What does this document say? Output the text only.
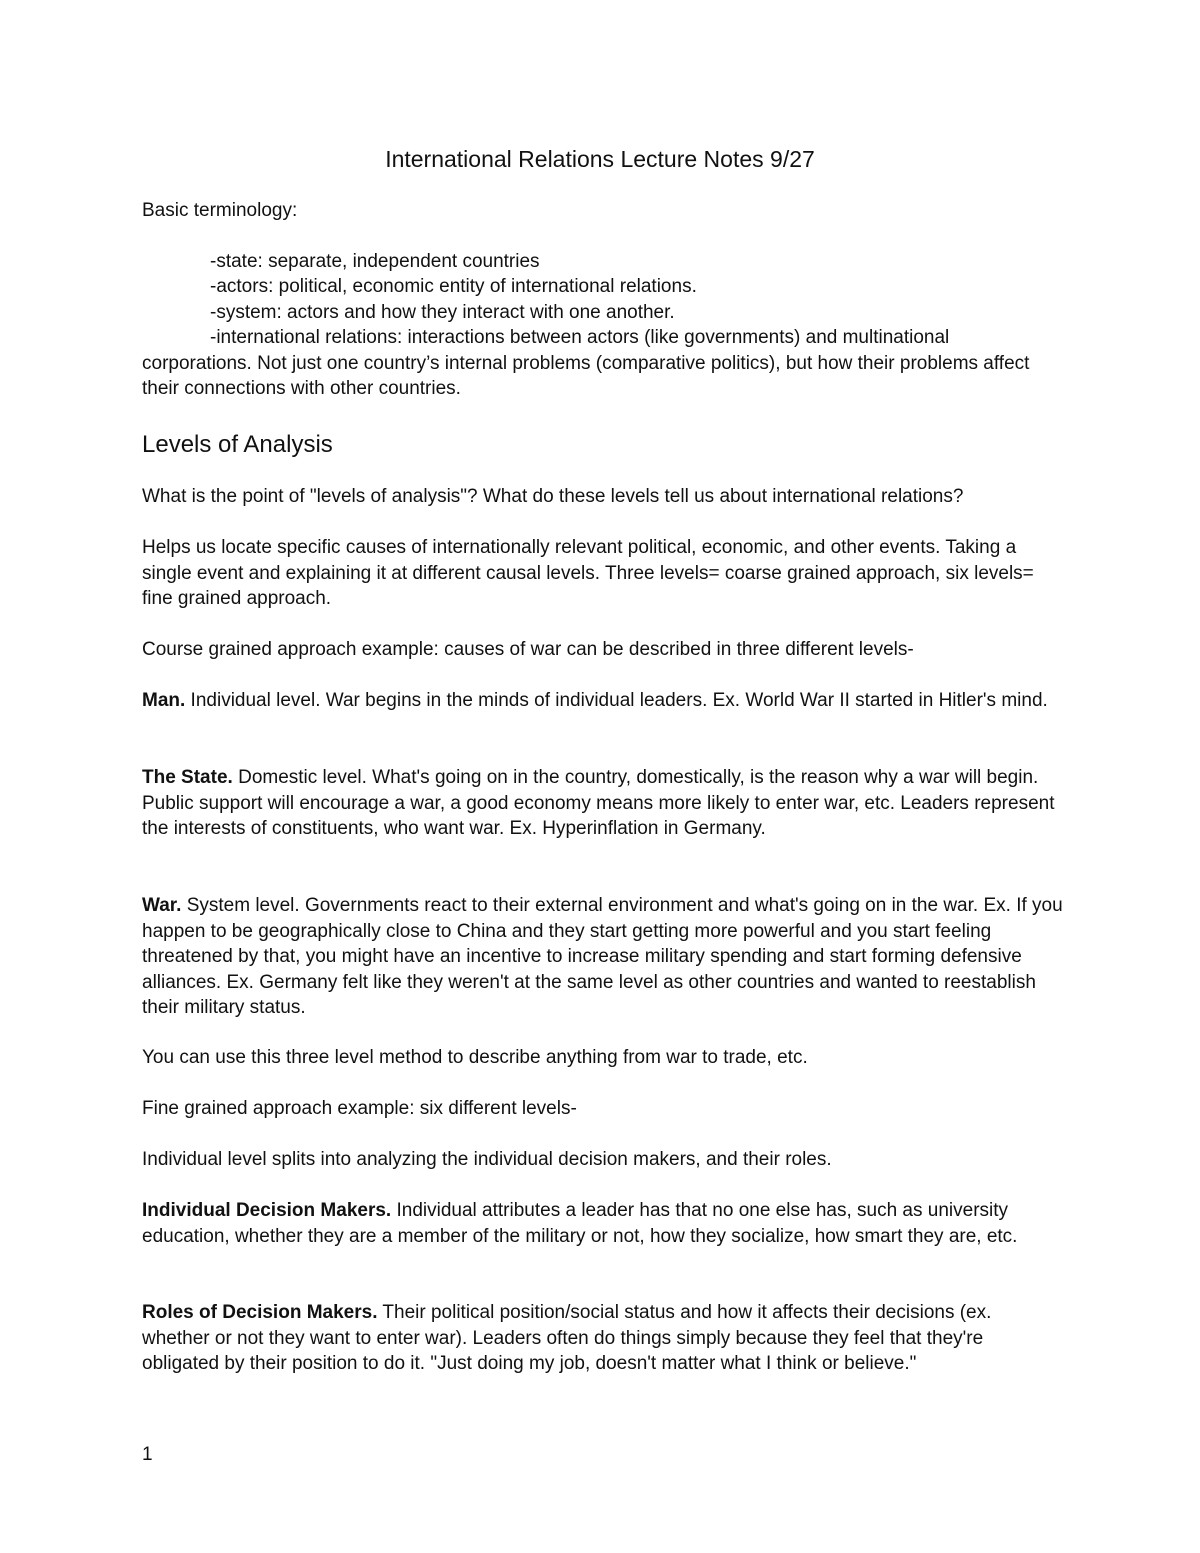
International Relations Lecture Notes 9/27

Basic terminology:

-state: separate, independent countries

-actors: political, economic entity of international relations.

-system: actors and how they interact with one another.

-international relations: interactions between actors (like governments) and multinational corporations. Not just one country’s internal problems (comparative politics), but how their problems affect their connections with other countries.

Levels of Analysis

What is the point of "levels of analysis"? What do these levels tell us about international relations?

Helps us locate specific causes of internationally relevant political, economic, and other events. Taking a single event and explaining it at different causal levels. Three levels= coarse grained approach, six levels= fine grained approach.

Course grained approach example: causes of war can be described in three different levels-

Man. Individual level. War begins in the minds of individual leaders. Ex. World War II started in Hitler's mind.

The State. Domestic level. What's going on in the country, domestically, is the reason why a war will begin. Public support will encourage a war, a good economy means more likely to enter war, etc. Leaders represent the interests of constituents, who want war. Ex. Hyperinflation in Germany.

War. System level. Governments react to their external environment and what's going on in the war. Ex. If you happen to be geographically close to China and they start getting more powerful and you start feeling threatened by that, you might have an incentive to increase military spending and start forming defensive alliances. Ex. Germany felt like they weren't at the same level as other countries and wanted to reestablish their military status.

You can use this three level method to describe anything from war to trade, etc.

Fine grained approach example: six different levels-

Individual level splits into analyzing the individual decision makers, and their roles.

Individual Decision Makers. Individual attributes a leader has that no one else has, such as university education, whether they are a member of the military or not, how they socialize, how smart they are, etc.

Roles of Decision Makers. Their political position/social status and how it affects their decisions (ex. whether or not they want to enter war). Leaders often do things simply because they feel that they're obligated by their position to do it. "Just doing my job, doesn't matter what I think or believe."

1
